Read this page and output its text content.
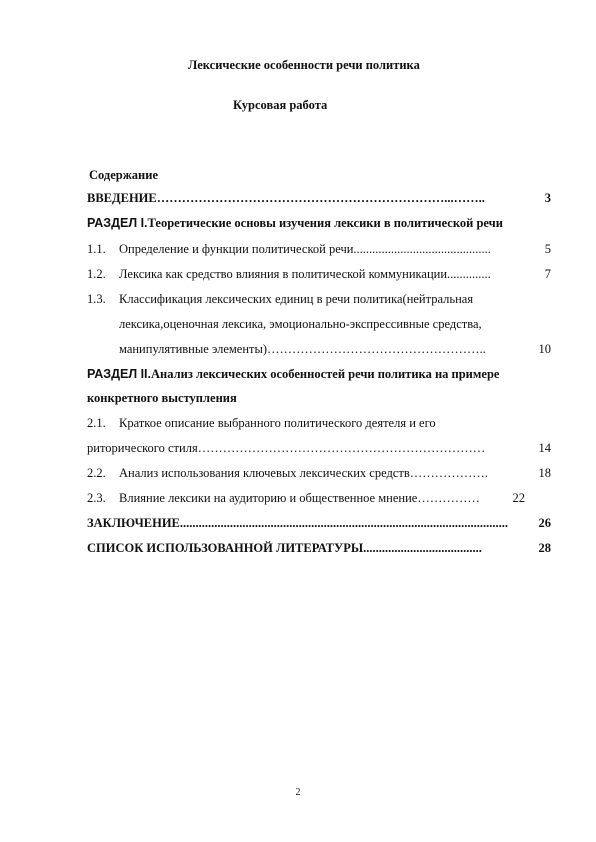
Лексические особенности речи политика
Курсовая работа
Содержание
ВВЕДЕНИЕ ……………………………………………………………...……..	3
РАЗДЕЛ I. Теоретические основы изучения лексики в политической речи
1.1.	Определение и функции политической речи ............................................	5
1.2.	Лексика как средство влияния в политической коммуникации ..............	7
1.3.	Классификация лексических единиц в речи политика(нейтральная
лексика,оценочная лексика, эмоционально-экспрессивные средства,
манипулятивные элементы) ……………………………………………..	10
РАЗДЕЛ II. Анализ лексических особенностей речи политика на примере
конкретного выступления
2.1.	Краткое описание выбранного политического деятеля и его
риторического стиля ……………………………………………………………	14
2.2.	Анализ использования ключевых лексических средств ……………….	18
2.3.	Влияние лексики на аудиторию и общественное мнение ……………	22
ЗАКЛЮЧЕНИЕ .........................................................................................................	26
СПИСОК ИСПОЛЬЗОВАННОЙ ЛИТЕРАТУРЫ ......................................	28
2
